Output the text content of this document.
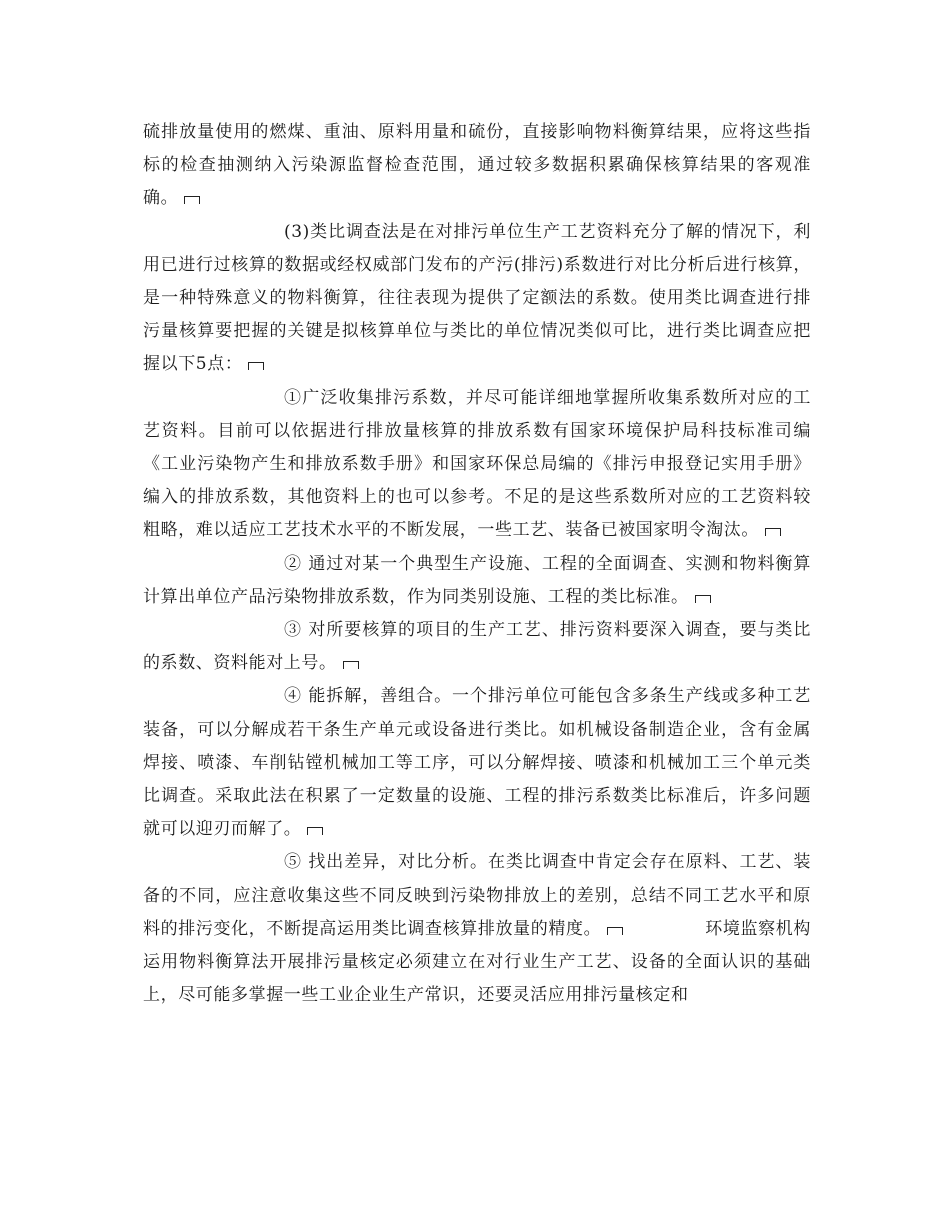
硫排放量使用的燃煤、重油、原料用量和硫份，直接影响物料衡算结果，应将这些指标的检查抽测纳入污染源监督检查范围，通过较多数据积累确保核算结果的客观准确。

(3)类比调查法是在对排污单位生产工艺资料充分了解的情况下，利用已进行过核算的数据或经权威部门发布的产污(排污)系数进行对比分析后进行核算，是一种特殊意义的物料衡算，往往表现为提供了定额法的系数。使用类比调查进行排污量核算要把握的关键是拟核算单位与类比的单位情况类似可比，进行类比调查应把握以下5点：

①广泛收集排污系数，并尽可能详细地掌握所收集系数所对应的工艺资料。目前可以依据进行排放量核算的排放系数有国家环境保护局科技标准司编《工业污染物产生和排放系数手册》和国家环保总局编的《排污申报登记实用手册》编入的排放系数，其他资料上的也可以参考。不足的是这些系数所对应的工艺资料较粗略，难以适应工艺技术水平的不断发展，一些工艺、装备已被国家明令淘汰。

② 通过对某一个典型生产设施、工程的全面调查、实测和物料衡算计算出单位产品污染物排放系数，作为同类别设施、工程的类比标准。

③ 对所要核算的项目的生产工艺、排污资料要深入调查，要与类比的系数、资料能对上号。

④ 能拆解，善组合。一个排污单位可能包含多条生产线或多种工艺装备，可以分解成若干条生产单元或设备进行类比。如机械设备制造企业，含有金属焊接、喷漆、车削钻镗机械加工等工序，可以分解焊接、喷漆和机械加工三个单元类比调查。采取此法在积累了一定数量的设施、工程的排污系数类比标准后，许多问题就可以迎刃而解了。

⑤ 找出差异，对比分析。在类比调查中肯定会存在原料、工艺、装备的不同，应注意收集这些不同反映到污染物排放上的差别，总结不同工艺水平和原料的排污变化，不断提高运用类比调查核算排放量的精度。	环境监察机构运用物料衡算法开展排污量核定必须建立在对行业生产工艺、设备的全面认识的基础上，尽可能多掌握一些工业企业生产常识，还要灵活应用排污量核定和
